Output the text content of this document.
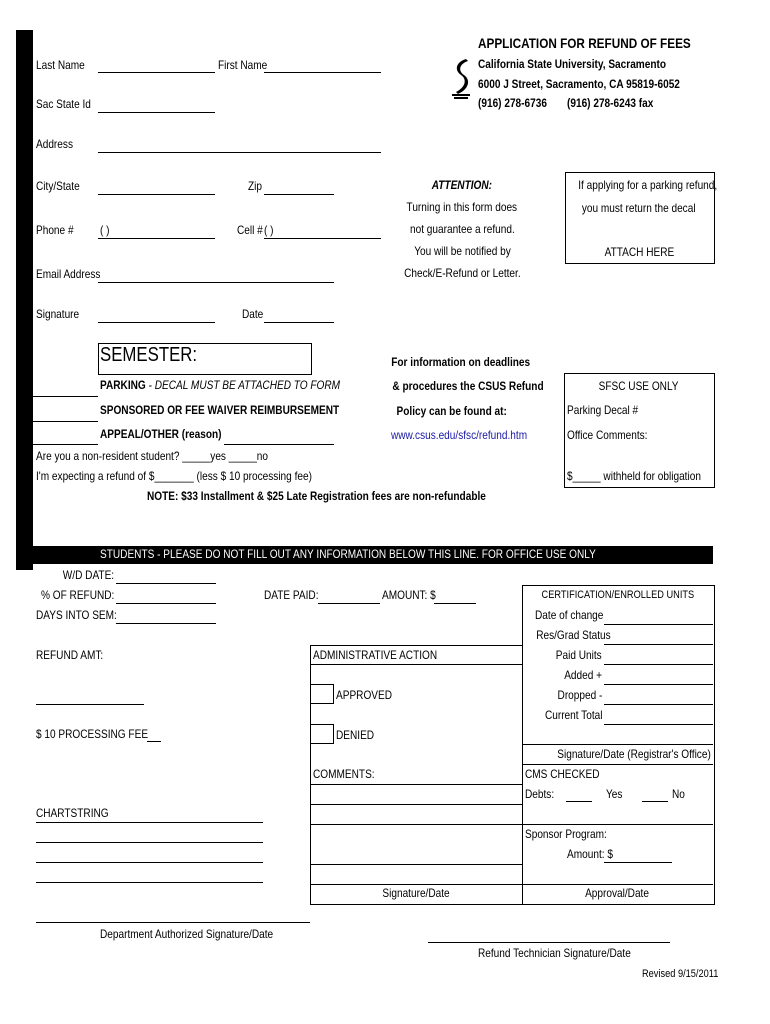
P
L
E
A
S
E
P
R
I
N
T
APPLICATION FOR REFUND OF FEES
California State University, Sacramento
6000 J Street, Sacramento, CA 95819-6052
(916) 278-6736	(916) 278-6243 fax
Last Name	First Name
Sac State Id
Address
City/State	Zip
Phone #	( )	Cell # ( )
Email Address
Signature	Date
ATTENTION:
Turning in this form does
not guarantee a refund.
You will be notified by
Check/E-Refund or Letter.
If applying for a parking refund,
you must return the decal
ATTACH HERE
SEMESTER:
PARKING - DECAL MUST BE ATTACHED TO FORM
SPONSORED OR FEE WAIVER REIMBURSEMENT
APPEAL/OTHER (reason)
Are you a non-resident student? _____yes _____no
I'm expecting a refund of $_______ (less $ 10 processing fee)
NOTE: $33 Installment & $25 Late Registration fees are non-refundable
For information on deadlines
& procedures the CSUS Refund
Policy can be found at:
www.csus.edu/sfsc/refund.htm
SFSC USE ONLY
Parking Decal #
Office Comments:
$_____ withheld for obligation
STUDENTS - PLEASE DO NOT FILL OUT ANY INFORMATION BELOW THIS LINE. FOR OFFICE USE ONLY
W/D DATE:
% OF REFUND:
DAYS INTO SEM:
DATE PAID:	AMOUNT: $
REFUND AMT:
$ 10 PROCESSING FEE
CHARTSTRING
Department Authorized Signature/Date
ADMINISTRATIVE ACTION
APPROVED
DENIED
COMMENTS:
Signature/Date
CERTIFICATION/ENROLLED UNITS
Date of change
Res/Grad Status
Paid Units
Added +
Dropped -
Current Total
Signature/Date (Registrar's Office)
CMS CHECKED
Debts:	Yes	No
Sponsor Program:
Amount: $
Approval/Date
Refund Technician Signature/Date
Revised 9/15/2011
